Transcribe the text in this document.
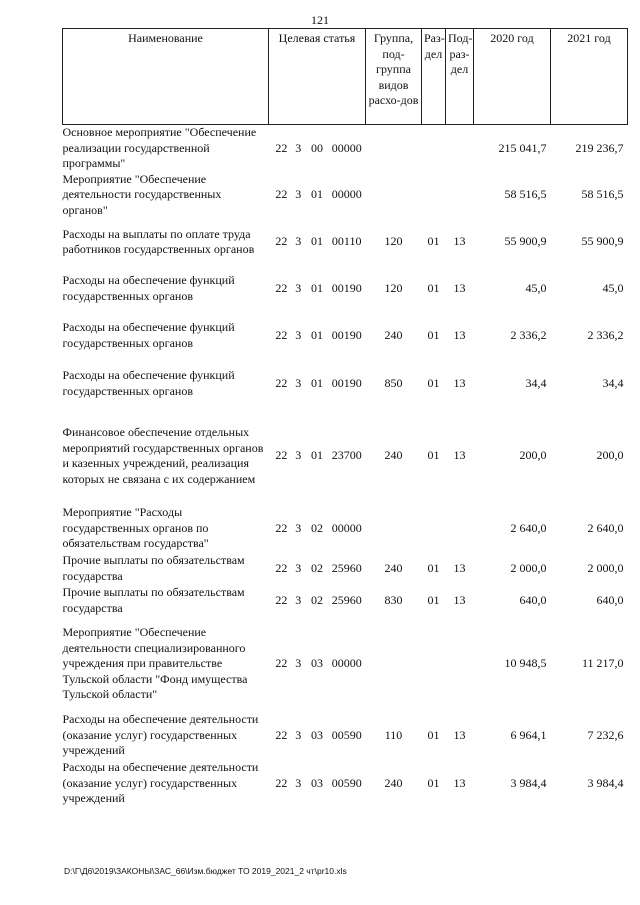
121
Наименование	Целевая статья	Группа, под-группа видов расхо-дов	Раз-дел	Под-раз-дел	2020 год	2021 год
Основное мероприятие "Обеспечение реализации государственной программы"	22 3 00 00000				215 041,7	219 236,7
Мероприятие "Обеспечение деятельности государственных органов"	22 3 01 00000				58 516,5	58 516,5
Расходы на выплаты по оплате труда работников государственных органов	22 3 01 00110	120	01	13	55 900,9	55 900,9
Расходы на обеспечение функций государственных органов	22 3 01 00190	120	01	13	45,0	45,0
Расходы на обеспечение функций государственных органов	22 3 01 00190	240	01	13	2 336,2	2 336,2
Расходы на обеспечение функций государственных органов	22 3 01 00190	850	01	13	34,4	34,4
Финансовое обеспечение отдельных мероприятий государственных органов и казенных учреждений, реализация которых не связана с их содержанием	22 3 01 23700	240	01	13	200,0	200,0
Мероприятие "Расходы государственных органов по обязательствам государства"	22 3 02 00000				2 640,0	2 640,0
Прочие выплаты по обязательствам государства	22 3 02 25960	240	01	13	2 000,0	2 000,0
Прочие выплаты по обязательствам государства	22 3 02 25960	830	01	13	640,0	640,0
Мероприятие "Обеспечение деятельности специализированного учреждения при правительстве Тульской области "Фонд имущества Тульской области"	22 3 03 00000				10 948,5	11 217,0
Расходы на обеспечение деятельности (оказание услуг) государственных учреждений	22 3 03 00590	110	01	13	6 964,1	7 232,6
Расходы на обеспечение деятельности (оказание услуг) государственных учреждений	22 3 03 00590	240	01	13	3 984,4	3 984,4
D:\Г\Д6\2019\ЗАКОНЫ\ЗАС_66\Изм.бюджет ТО 2019_2021_2 чт\pr10.xls
